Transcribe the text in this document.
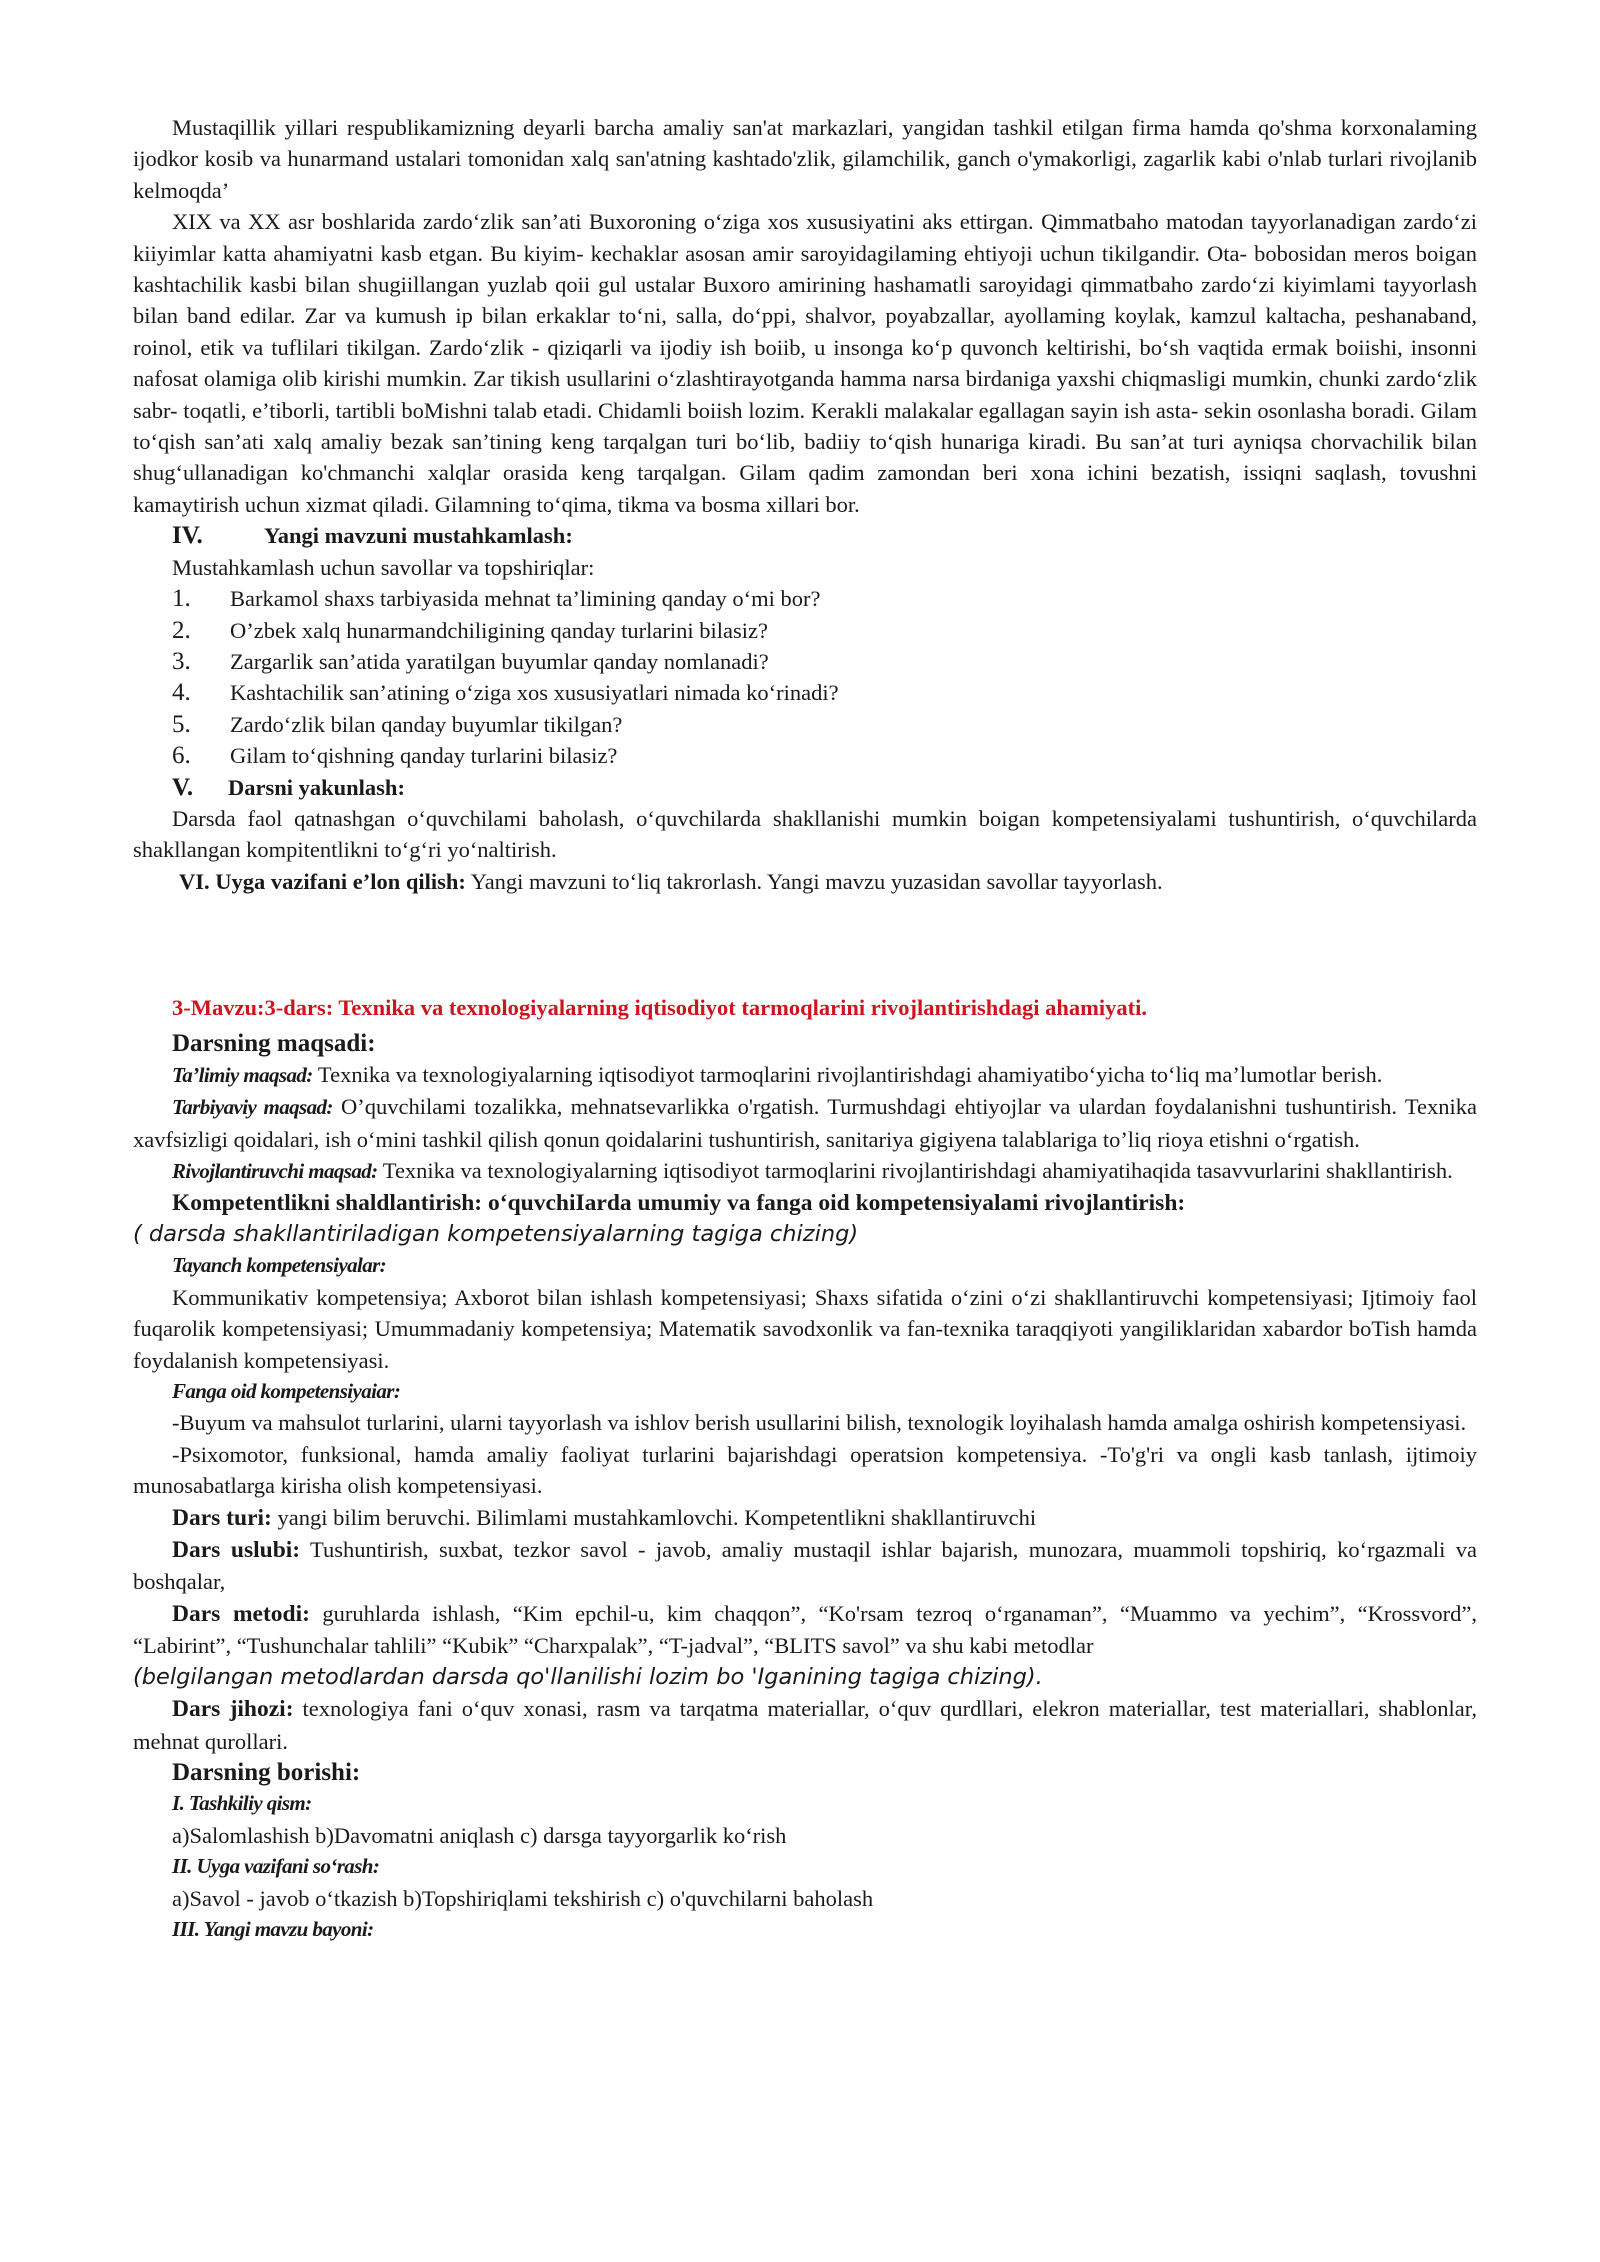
Mustaqillik yillari respublikamizning deyarli barcha amaliy san'at markazlari, yangidan tashkil etilgan firma hamda qo'shma korxonalaming ijodkor kosib va hunarmand ustalari tomonidan xalq san'atning kashtado'zlik, gilamchilik, ganch o'ymakorligi, zagarlik kabi o'nlab turlari rivojlanib kelmoqda’

XIX va XX asr boshlarida zardo‘zlik san’ati Buxoroning o‘ziga xos xususiyatini aks ettirgan. Qimmatbaho matodan tayyorlanadigan zardo‘zi kiiyimlar katta ahamiyatni kasb etgan. Bu kiyim- kechaklar asosan amir saroyidagilaming ehtiyoji uchun tikilgandir. Ota- bobosidan meros boigan kashtachilik kasbi bilan shugiillangan yuzlab qoii gul ustalar Buxoro amirining hashamatli saroyidagi qimmatbaho zardo‘zi kiyimlami tayyorlash bilan band edilar. Zar va kumush ip bilan erkaklar to‘ni, salla, do‘ppi, shalvor, poyabzallar, ayollaming koylak, kamzul kaltacha, peshanaband, roinol, etik va tuflilari tikilgan. Zardo‘zlik - qiziqarli va ijodiy ish boiib, u insonga ko‘p quvonch keltirishi, bo‘sh vaqtida ermak boiishi, insonni nafosat olamiga olib kirishi mumkin. Zar tikish usullarini o‘zlashtirayotganda hamma narsa birdaniga yaxshi chiqmasligi mumkin, chunki zardo‘zlik sabr- toqatli, e’tiborli, tartibli boMishni talab etadi. Chidamli boiish lozim. Kerakli malakalar egallagan sayin ish asta- sekin osonlasha boradi. Gilam to‘qish san’ati xalq amaliy bezak san’tining keng tarqalgan turi bo‘lib, badiiy to‘qish hunariga kiradi. Bu san’at turi ayniqsa chorvachilik bilan shug‘ullanadigan ko'chmanchi xalqlar orasida keng tarqalgan. Gilam qadim zamondan beri xona ichini bezatish, issiqni saqlash, tovushni kamaytirish uchun xizmat qiladi. Gilamning to‘qima, tikma va bosma xillari bor.

IV.	Yangi mavzuni mustahkamlash:

Mustahkamlash uchun savollar va topshiriqlar:

1.	Barkamol shaxs tarbiyasida mehnat ta’limining qanday o‘mi bor?
2.	O’zbek xalq hunarmandchiligining qanday turlarini bilasiz?
3.	Zargarlik san’atida yaratilgan buyumlar qanday nomlanadi?
4.	Kashtachilik san’atining o‘ziga xos xususiyatlari nimada ko‘rinadi?
5.	Zardo‘zlik bilan qanday buyumlar tikilgan?
6.	Gilam to‘qishning qanday turlarini bilasiz?
V.	Darsni yakunlash:

Darsda faol qatnashgan o‘quvchilami baholash, o‘quvchilarda shakllanishi mumkin boigan kompetensiyalami tushuntirish, o‘quvchilarda shakllangan kompitentlikni to‘g‘ri yo‘naltirish.

VI. Uyga vazifani e’lon qilish: Yangi mavzuni to‘liq takrorlash. Yangi mavzu yuzasidan savollar tayyorlash.

3-Mavzu:3-dars: Texnika va texnologiyalarning iqtisodiyot tarmoqlarini rivojlantirishdagi ahamiyati.

Darsning maqsadi:

Ta’limiy maqsad: Texnika va texnologiyalarning iqtisodiyot tarmoqlarini rivojlantirishdagi ahamiyatibo‘yicha to‘liq ma’lumotlar berish.

Tarbiyaviy maqsad: O’quvchilami tozalikka, mehnatsevarlikka o'rgatish. Turmushdagi ehtiyojlar va ulardan foydalanishni tushuntirish. Texnika xavfsizligi qoidalari, ish o‘mini tashkil qilish qonun qoidalarini tushuntirish, sanitariya gigiyena talablariga to’liq rioya etishni o‘rgatish.

Rivojlantiruvchi maqsad: Texnika va texnologiyalarning iqtisodiyot tarmoqlarini rivojlantirishdagi ahamiyatihaqida tasavvurlarini shakllantirish.

Kompetentlikni shaldlantirish: o‘quvchiIarda umumiy va fanga oid kompetensiyalami rivojlantirish:

( darsda shakllantiriladigan kompetensiyalarning tagiga chizing)

Tayanch kompetensiyalar:

Kommunikativ kompetensiya; Axborot bilan ishlash kompetensiyasi; Shaxs sifatida o‘zini o‘zi shakllantiruvchi kompetensiyasi; Ijtimoiy faol fuqarolik kompetensiyasi; Umummadaniy kompetensiya; Matematik savodxonlik va fan-texnika taraqqiyoti yangiliklaridan xabardor boTish hamda foydalanish kompetensiyasi.

Fanga oid kompetensiyaiar:

-Buyum va mahsulot turlarini, ularni tayyorlash va ishlov berish usullarini bilish, texnologik loyihalash hamda amalga oshirish kompetensiyasi.

-Psixomotor, funksional, hamda amaliy faoliyat turlarini bajarishdagi operatsion kompetensiya. -To'g'ri va ongli kasb tanlash, ijtimoiy munosabatlarga kirisha olish kompetensiyasi.

Dars turi: yangi bilim beruvchi. Bilimlami mustahkamlovchi. Kompetentlikni shakllantiruvchi

Dars uslubi: Tushuntirish, suxbat, tezkor savol - javob, amaliy mustaqil ishlar bajarish, munozara, muammoli topshiriq, ko‘rgazmali va boshqalar,

Dars metodi: guruhlarda ishlash, “Kim epchil-u, kim chaqqon”, “Ko'rsam tezroq o‘rganaman”, “Muammo va yechim”, “Krossvord”, “Labirint”, “Tushunchalar tahlili” “Kubik” “Charxpalak”, “T-jadval”, “BLITS savol” va shu kabi metodlar

(belgilangan metodlardan darsda qo'llanilishi lozim bo 'Iganining tagiga chizing).

Dars jihozi: texnologiya fani o‘quv xonasi, rasm va tarqatma materiallar, o‘quv qurdllari, elekron materiallar, test materiallari, shablonlar, mehnat qurollari.

Darsning borishi:

I. Tashkiliy qism:

a)Salomlashish b)Davomatni aniqlash c) darsga tayyorgarlik ko‘rish

II. Uyga vazifani so‘rash:

a)Savol - javob o‘tkazish b)Topshiriqlami tekshirish c) o'quvchilarni baholash

III. Yangi mavzu bayoni:
